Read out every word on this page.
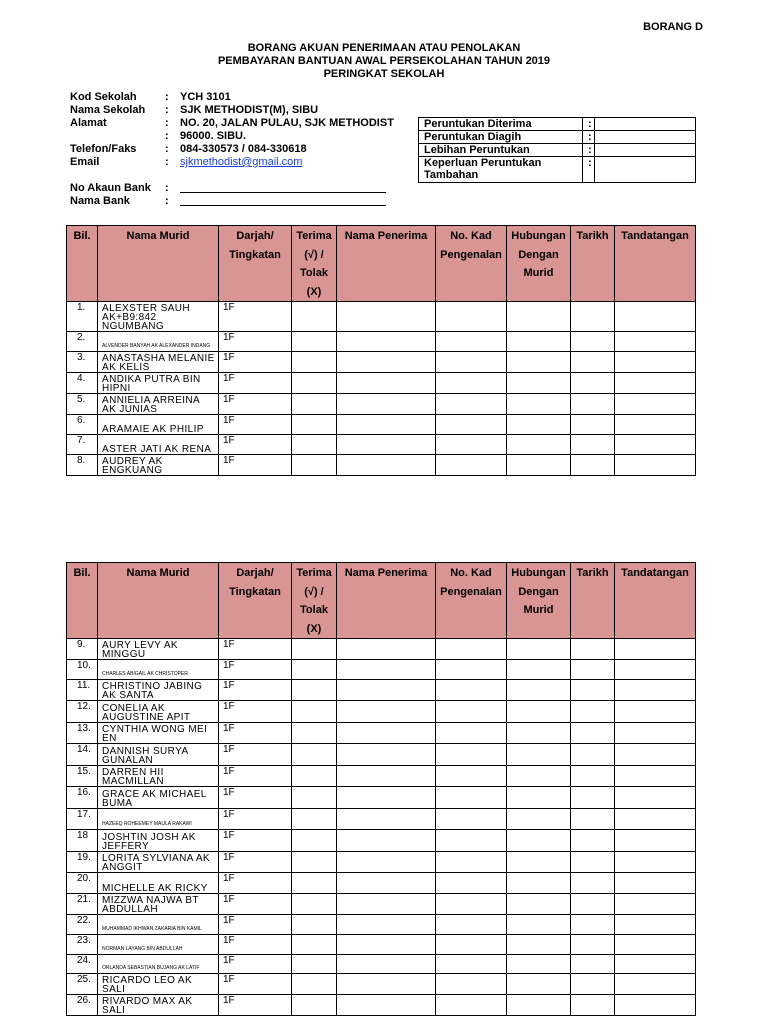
BORANG D
BORANG AKUAN PENERIMAAN ATAU PENOLAKAN
PEMBAYARAN BANTUAN AWAL PERSEKOLAHAN TAHUN 2019
PERINGKAT SEKOLAH
Kod Sekolah	: YCH 3101
Nama Sekolah : SJK METHODIST(M), SIBU
Alamat	: NO. 20, JALAN PULAU, SJK METHODIST
: 96000. SIBU.
Telefon/Faks	: 084-330573 / 084-330618
Email	: sjkmethodist@gmail.com
No Akaun Bank :
Nama Bank	:
Peruntukan Diterima	:	
Peruntukan Diagih	:	
Lebihan Peruntukan	:	
Keperluan Peruntukan Tambahan	:	
Bil.	Nama Murid	Darjah/ Tingkatan	Terima (√) / Tolak (X)	Nama Penerima	No. Kad Pengenalan	Hubungan Dengan Murid	Tarikh	Tandatangan
1.	ALEXSTER SAUH AK+B9:842 NGUMBANG	1F						
2.	ALVENDER BANYAH AK ALEXANDER INDANG	1F						
3.	ANASTASHA MELANIE AK KELIS	1F						
4.	ANDIKA PUTRA BIN HIPNI	1F						
5.	ANNIELIA ARREINA AK JUNIAS	1F						
6.	ARAMAIE AK PHILIP	1F						
7.	ASTER JATI AK RENA	1F						
8.	AUDREY AK ENGKUANG	1F						
Bil.	Nama Murid	Darjah/ Tingkatan	Terima (√) / Tolak (X)	Nama Penerima	No. Kad Pengenalan	Hubungan Dengan Murid	Tarikh	Tandatangan
9.	AURY LEVY AK MINGGU	1F						
10.	CHARLES ABIGAIL AK CHRISTOPER	1F						
11.	CHRISTINO JABING AK SANTA	1F						
12.	CONELIA AK AUGUSTINE APIT	1F						
13.	CYNTHIA WONG MEI EN	1F						
14.	DANNISH SURYA GUNALAN	1F						
15.	DARREN HII MACMILLAN	1F						
16.	GRACE AK MICHAEL BUMA	1F						
17.	HAZEEQ ROHEEMEY MAULA RAKAWI	1F						
18	JOSHTIN JOSH AK JEFFERY	1F						
19.	LORITA SYLVIANA AK ANGGIT	1F						
20.	MICHELLE AK RICKY	1F						
21.	MIZZWA NAJWA BT ABDULLAH	1F						
22.	MUHAMMAD IKHWAN ZAKARIA BIN KAMIL	1F						
23.	NORMAN LAYANG BIN ABDULLAH	1F						
24.	ORLANDA SEBASTIAN BUJANG AK LATIF	1F						
25.	RICARDO LEO AK SALI	1F						
26.	RIVARDO MAX AK SALI	1F						
